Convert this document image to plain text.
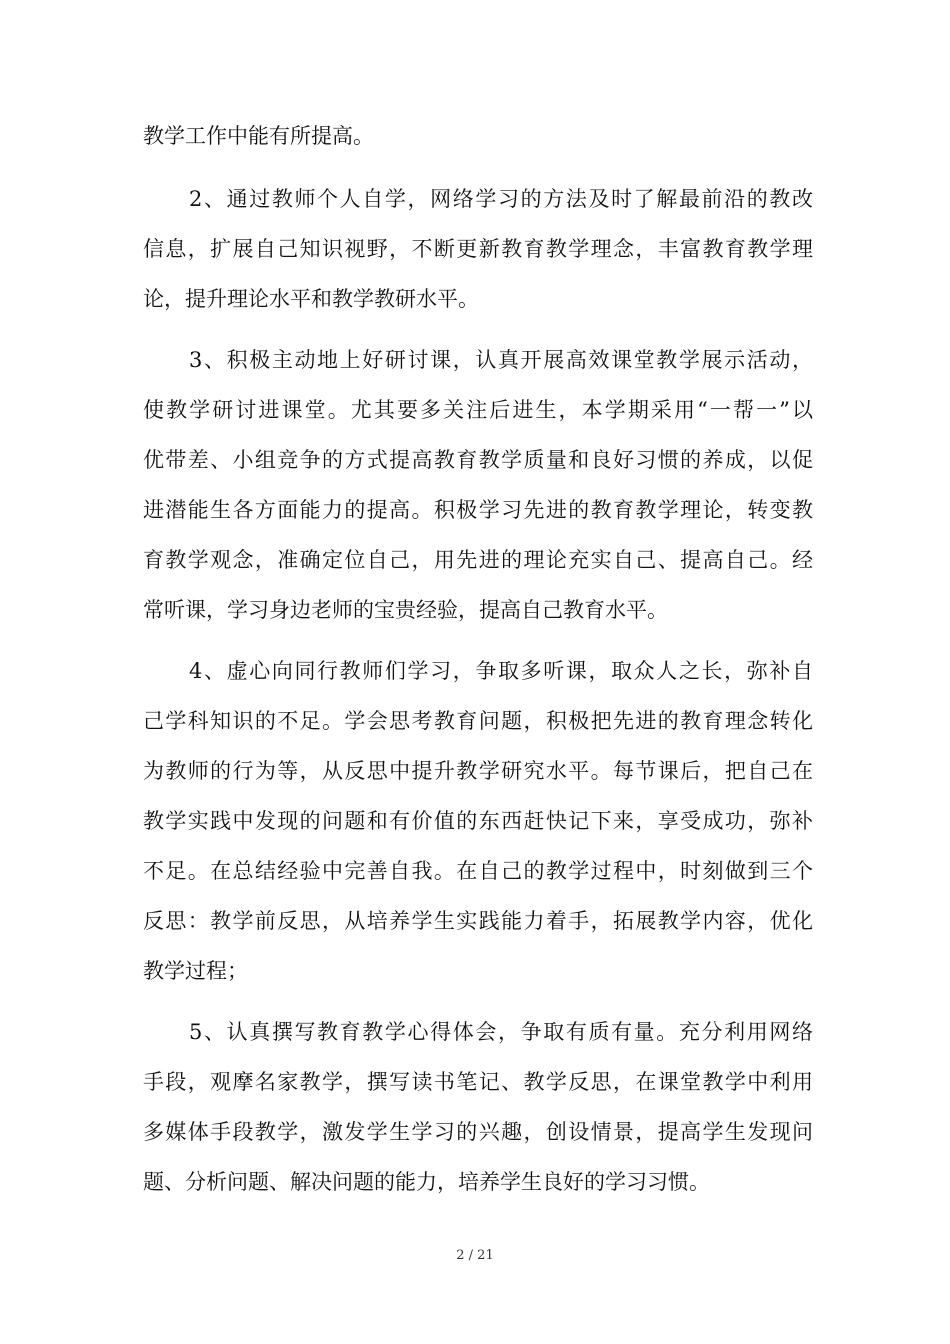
教学工作中能有所提高。
2、通过教师个人自学，网络学习的方法及时了解最前沿的教改
信息，扩展自己知识视野，不断更新教育教学理念，丰富教育教学理
论，提升理论水平和教学教研水平。
3、积极主动地上好研讨课，认真开展高效课堂教学展示活动，
使教学研讨进课堂。尤其要多关注后进生，本学期采用“一帮一”以
优带差、小组竞争的方式提高教育教学质量和良好习惯的养成，以促
进潜能生各方面能力的提高。积极学习先进的教育教学理论，转变教
育教学观念，准确定位自己，用先进的理论充实自己、提高自己。经
常听课，学习身边老师的宝贵经验，提高自己教育水平。
4、虚心向同行教师们学习，争取多听课，取众人之长，弥补自
己学科知识的不足。学会思考教育问题，积极把先进的教育理念转化
为教师的行为等，从反思中提升教学研究水平。每节课后，把自己在
教学实践中发现的问题和有价值的东西赶快记下来，享受成功，弥补
不足。在总结经验中完善自我。在自己的教学过程中，时刻做到三个
反思：教学前反思，从培养学生实践能力着手，拓展教学内容，优化
教学过程；
5、认真撰写教育教学心得体会，争取有质有量。充分利用网络
手段，观摩名家教学，撰写读书笔记、教学反思，在课堂教学中利用
多媒体手段教学，激发学生学习的兴趣，创设情景，提高学生发现问
题、分析问题、解决问题的能力，培养学生良好的学习习惯。
2 / 21
